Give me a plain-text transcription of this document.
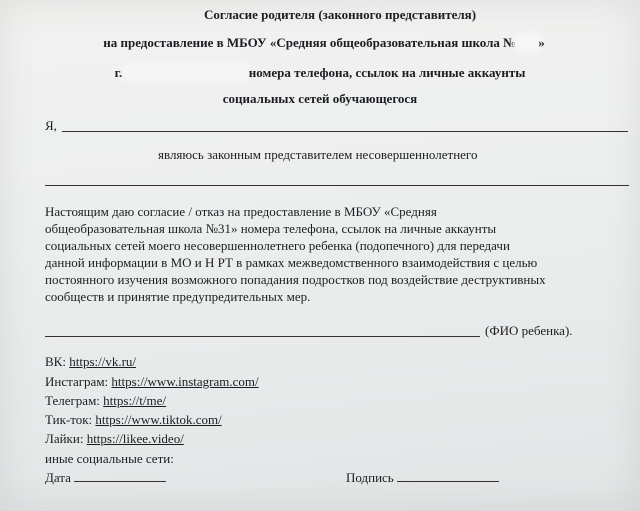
Согласие родителя (законного представителя)
на предоставление в МБОУ «Средняя общеобразовательная школа № »
г.	номера телефона, ссылок на личные аккаунты
социальных сетей обучающегося
Я,
являюсь законным представителем несовершеннолетнего
Настоящим даю согласие / отказ на предоставление в МБОУ «Средняя
общеобразовательная школа №31» номера телефона, ссылок на личные аккаунты
социальных сетей моего несовершеннолетнего ребенка (подопечного) для передачи
данной информации в МО и Н РТ в рамках межведомственного взаимодействия с целью
постоянного изучения возможного попадания подростков под воздействие деструктивных
сообществ и принятие предупредительных мер.
(ФИО ребенка).
ВК: https://vk.ru/
Инстаграм: https://www.instagram.com/
Телеграм: https://t/me/
Тик-ток: https://www.tiktok.com/
Лайки: https://likee.video/
иные социальные сети:
Дата	Подпись
